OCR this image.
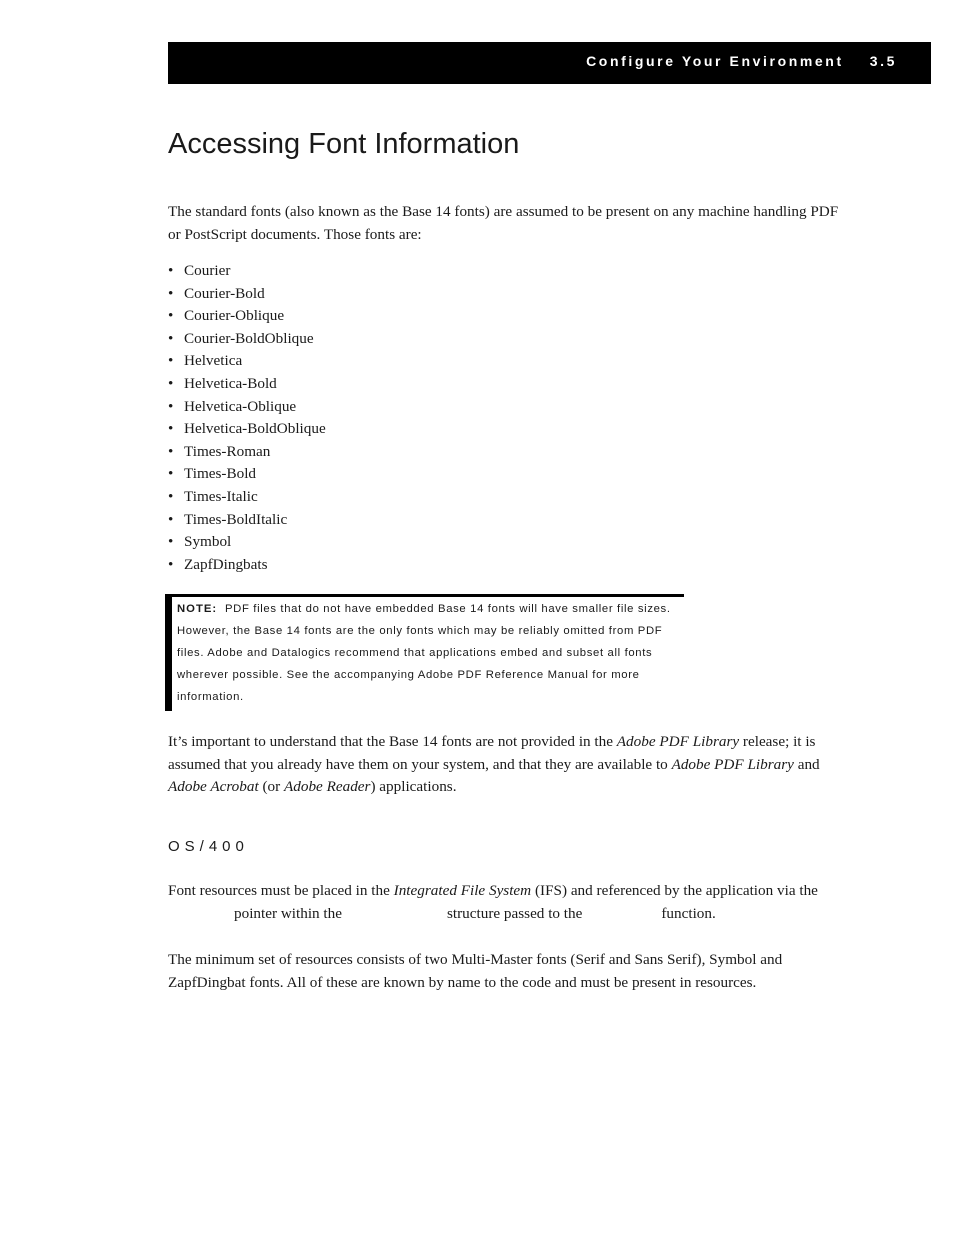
Configure Your Environment 3.5
Accessing Font Information

The standard fonts (also known as the Base 14 fonts) are assumed to be present on any machine handling PDF or PostScript documents. Those fonts are:

• Courier
• Courier-Bold
• Courier-Oblique
• Courier-BoldOblique
• Helvetica
• Helvetica-Bold
• Helvetica-Oblique
• Helvetica-BoldOblique
• Times-Roman
• Times-Bold
• Times-Italic
• Times-BoldItalic
• Symbol
• ZapfDingbats
NOTE: PDF files that do not have embedded Base 14 fonts will have smaller file sizes. However, the Base 14 fonts are the only fonts which may be reliably omitted from PDF files. Adobe and Datalogics recommend that applications embed and subset all fonts wherever possible. See the accompanying Adobe PDF Reference Manual for more information.

It’s important to understand that the Base 14 fonts are not provided in the Adobe PDF Library release; it is assumed that you already have them on your system, and that they are available to Adobe PDF Library and Adobe Acrobat (or Adobe Reader) applications.

OS/400

Font resources must be placed in the Integrated File System (IFS) and referenced by the application via the
pointer within the	structure passed to the	function.

The minimum set of resources consists of two Multi-Master fonts (Serif and Sans Serif), Symbol and ZapfDingbat fonts. All of these are known by name to the code and must be present in resources.
